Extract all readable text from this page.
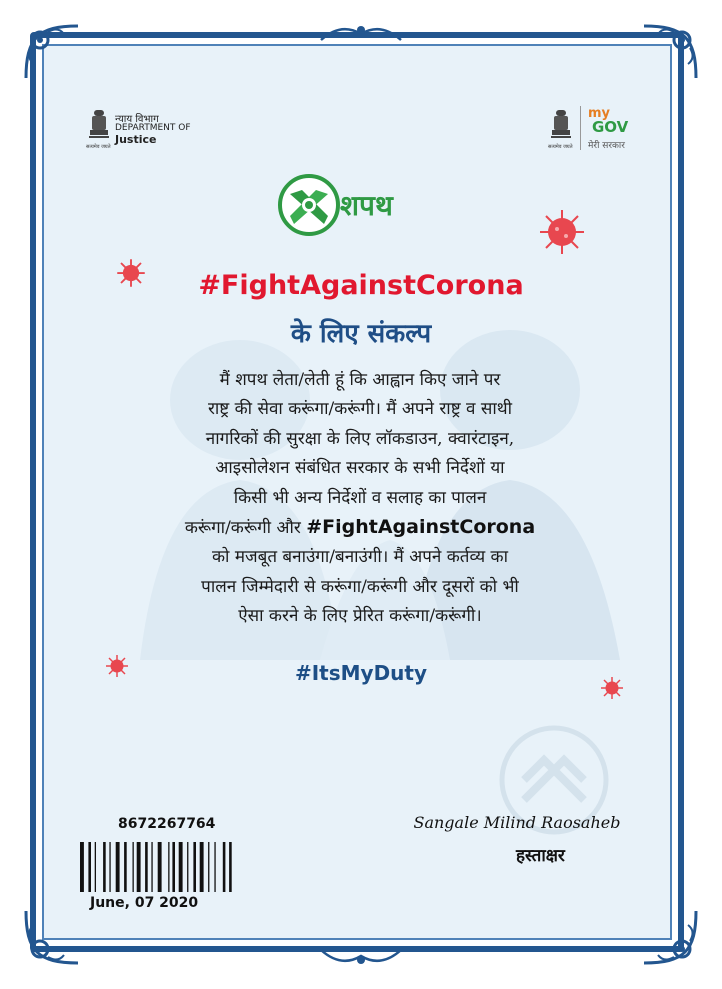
सत्यमेव जयते
न्याय विभाग
DEPARTMENT OF
Justice
सत्यमेव जयते
my
GOV
मेरी सरकार
शपथ
#FightAgainstCorona
के लिए संकल्प
मैं शपथ लेता/लेती हूं कि आह्वान किए जाने पर
राष्ट्र की सेवा करूंगा/करूंगी। मैं अपने राष्ट्र व साथी
नागरिकों की सुरक्षा के लिए लॉकडाउन, क्वारंटाइन,
आइसोलेशन संबंधित सरकार के सभी निर्देशों या
किसी भी अन्य निर्देशों व सलाह का पालन
करूंगा/करूंगी और #FightAgainstCorona
को मजबूत बनाउंगा/बनाउंगी। मैं अपने कर्तव्य का
पालन जिम्मेदारी से करूंगा/करूंगी और दूसरों को भी
ऐसा करने के लिए प्रेरित करूंगा/करूंगी।
#ItsMyDuty
8672267764
June, 07 2020
Sangale Milind Raosaheb
हस्ताक्षर
